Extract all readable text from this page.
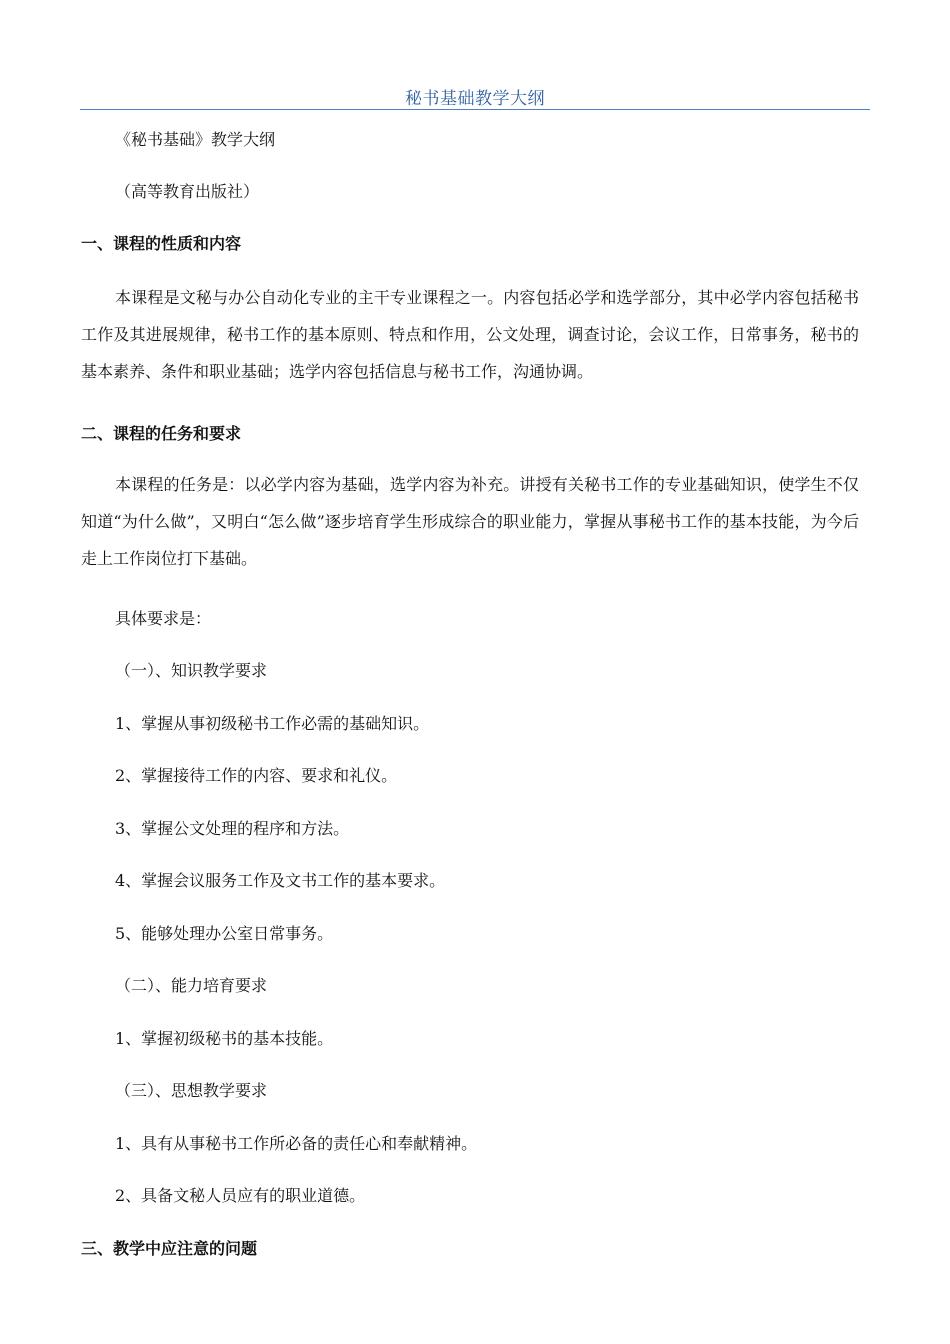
秘书基础教学大纲
《秘书基础》教学大纲
（高等教育出版社）
一、课程的性质和内容
本课程是文秘与办公自动化专业的主干专业课程之一。内容包括必学和选学部分，其中必学内容包括秘书工作及其进展规律，秘书工作的基本原则、特点和作用，公文处理，调查讨论，会议工作，日常事务，秘书的基本素养、条件和职业基础；选学内容包括信息与秘书工作，沟通协调。
二、课程的任务和要求
本课程的任务是：以必学内容为基础，选学内容为补充。讲授有关秘书工作的专业基础知识，使学生不仅知道“为什么做”，又明白“怎么做”逐步培育学生形成综合的职业能力，掌握从事秘书工作的基本技能，为今后走上工作岗位打下基础。
具体要求是：
（一）、知识教学要求
1、掌握从事初级秘书工作必需的基础知识。
2、掌握接待工作的内容、要求和礼仪。
3、掌握公文处理的程序和方法。
4、掌握会议服务工作及文书工作的基本要求。
5、能够处理办公室日常事务。
（二）、能力培育要求
1、掌握初级秘书的基本技能。
（三）、思想教学要求
1、具有从事秘书工作所必备的责任心和奉献精神。
2、具备文秘人员应有的职业道德。
三、教学中应注意的问题
